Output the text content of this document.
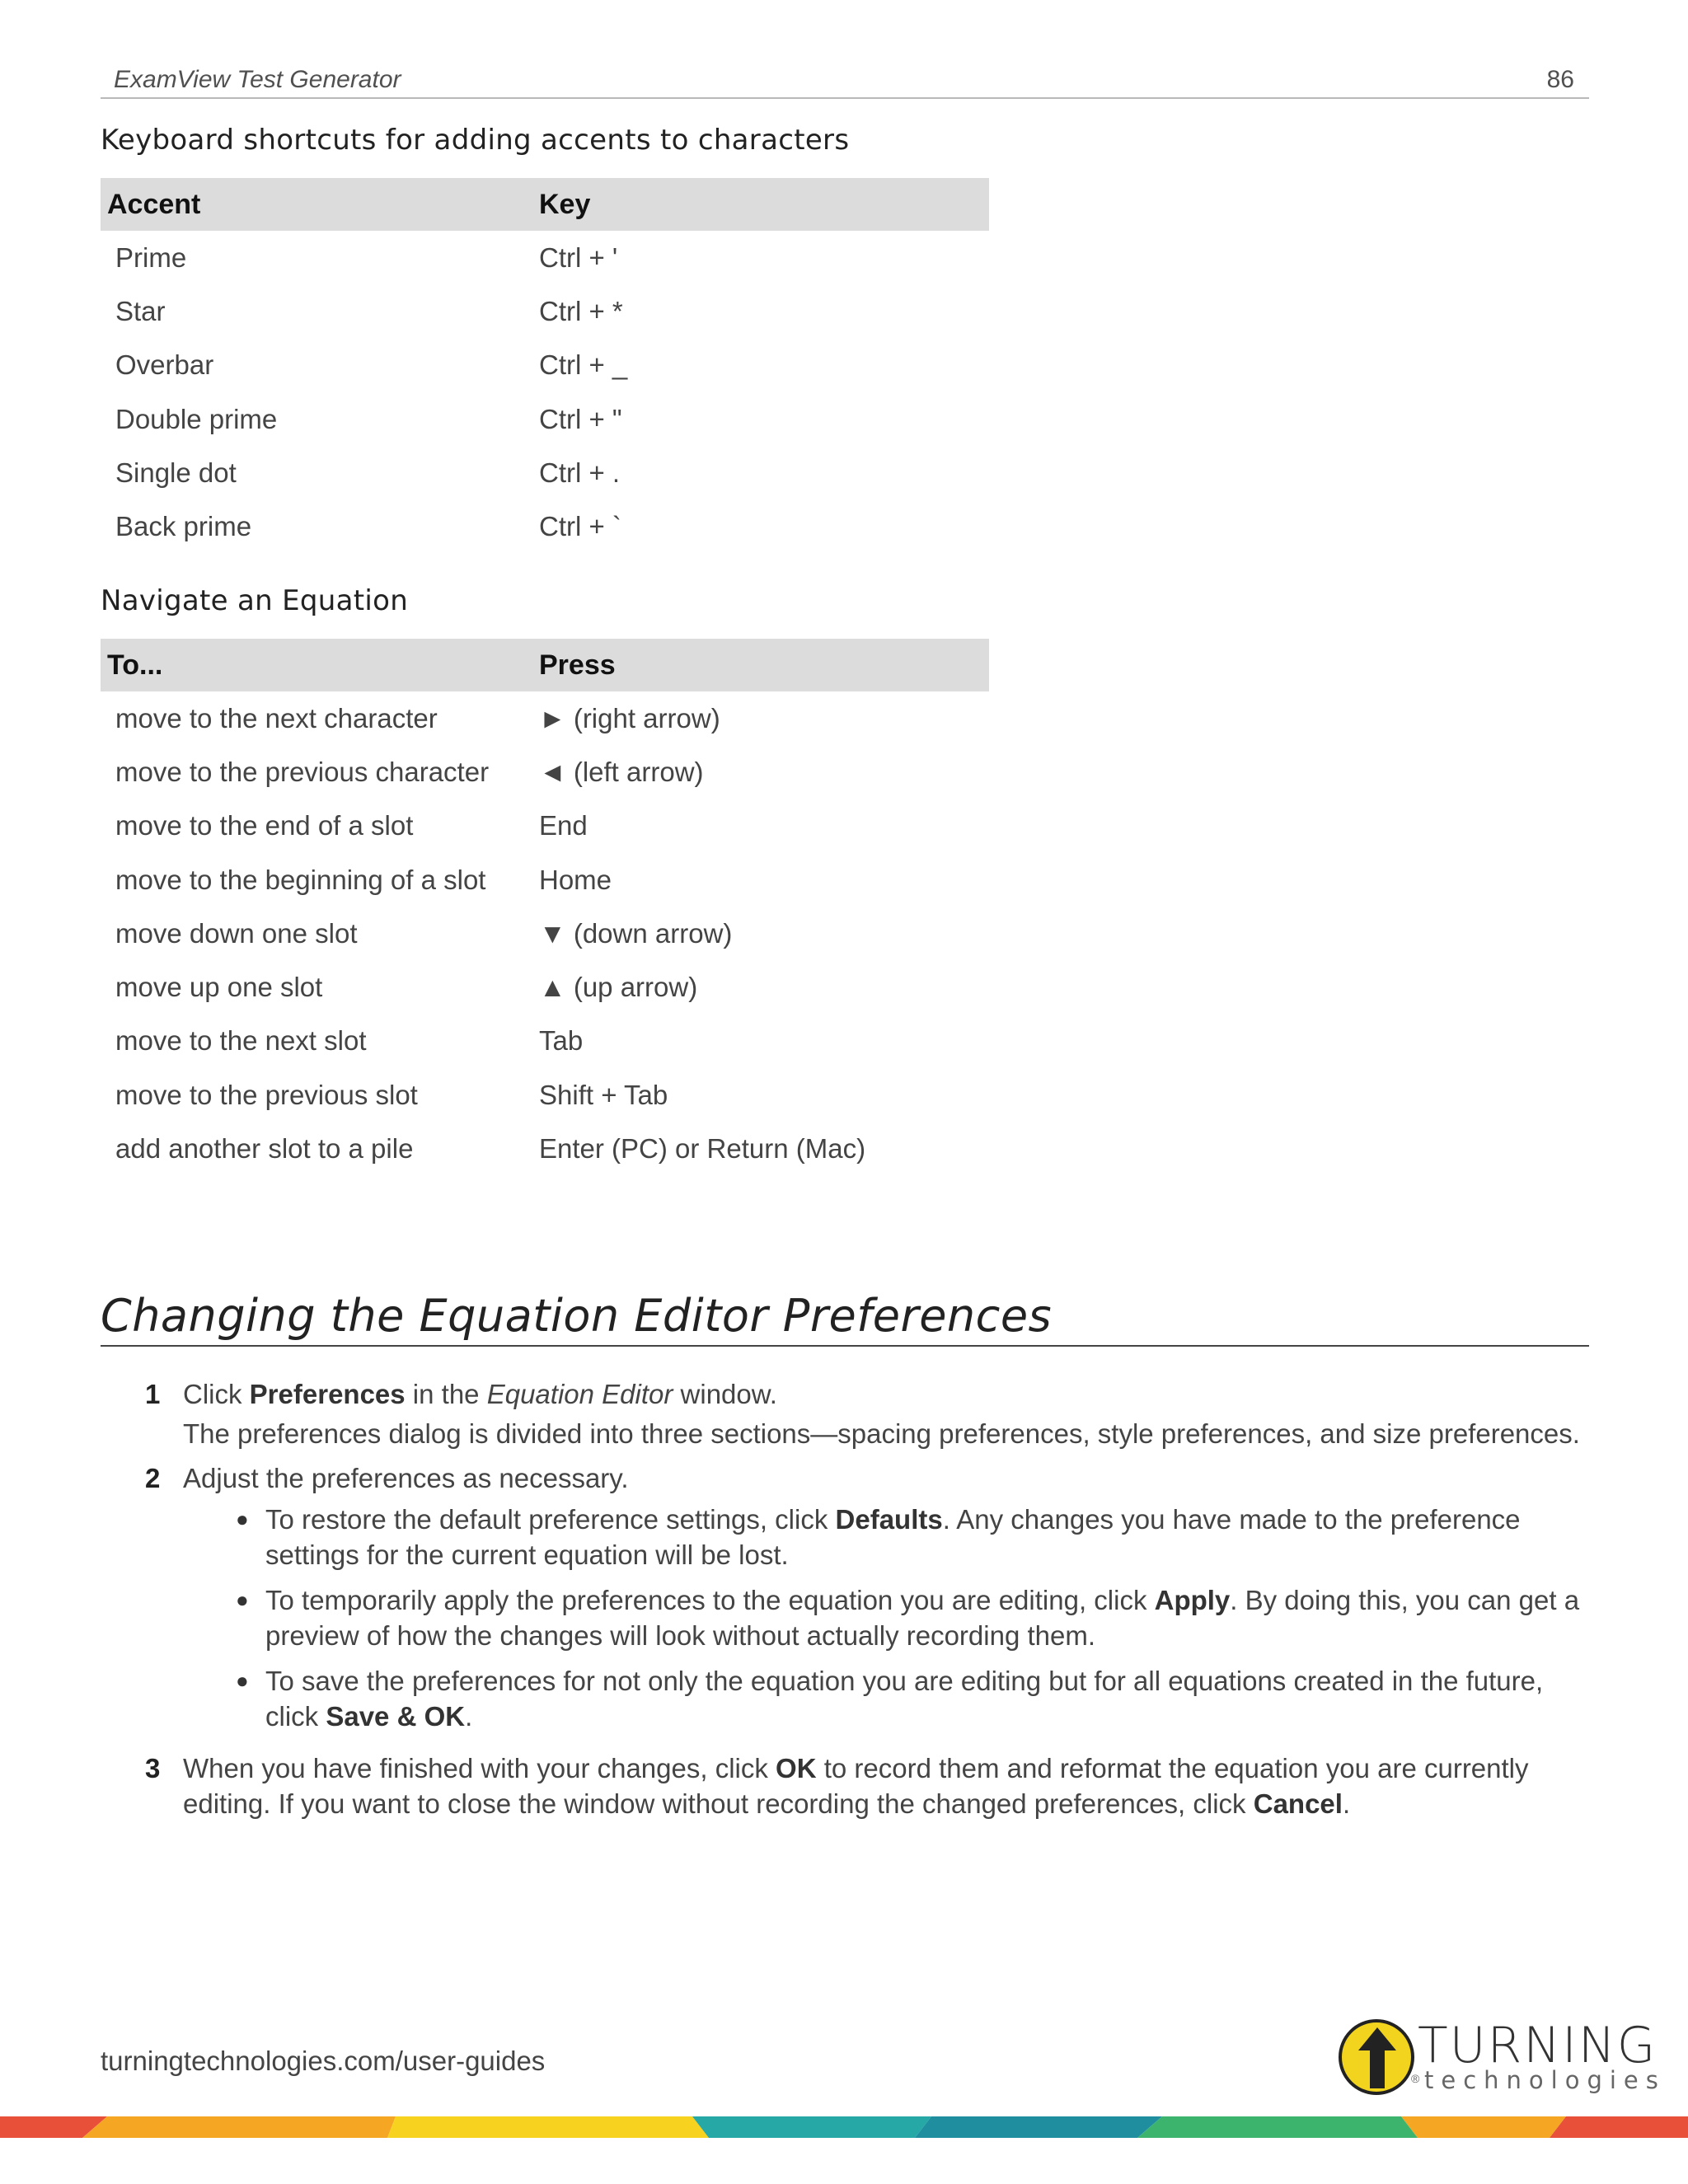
ExamView Test Generator	86
Keyboard shortcuts for adding accents to characters
Accent	Key
Prime	Ctrl + '
Star	Ctrl + *
Overbar	Ctrl + _
Double prime	Ctrl + "
Single dot	Ctrl + .
Back prime	Ctrl + `
Navigate an Equation
To...	Press
move to the next character	► (right arrow)
move to the previous character	◄ (left arrow)
move to the end of a slot	End
move to the beginning of a slot	Home
move down one slot	▼ (down arrow)
move up one slot	▲ (up arrow)
move to the next slot	Tab
move to the previous slot	Shift + Tab
add another slot to a pile	Enter (PC) or Return (Mac)
Changing the Equation Editor Preferences
1 Click Preferences in the Equation Editor window.
The preferences dialog is divided into three sections—spacing preferences, style preferences, and size preferences.
2 Adjust the preferences as necessary.
● To restore the default preference settings, click Defaults. Any changes you have made to the preference settings for the current equation will be lost.
● To temporarily apply the preferences to the equation you are editing, click Apply. By doing this, you can get a preview of how the changes will look without actually recording them.
● To save the preferences for not only the equation you are editing but for all equations created in the future, click Save & OK.
3 When you have finished with your changes, click OK to record them and reformat the equation you are currently editing. If you want to close the window without recording the changed preferences, click Cancel.
turningtechnologies.com/user-guides	TURNING
technologies
®
